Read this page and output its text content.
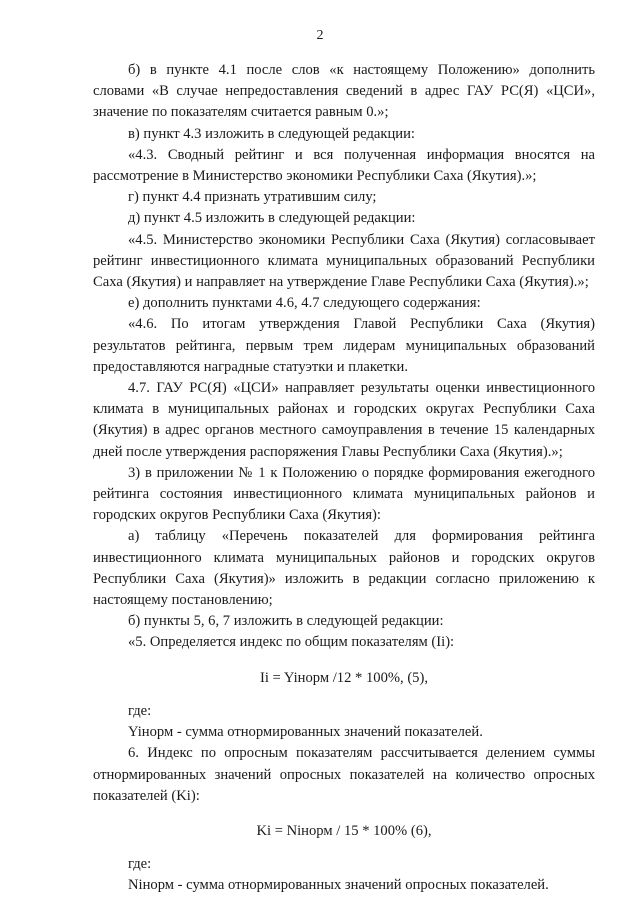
2

б) в пункте 4.1 после слов «к настоящему Положению» дополнить словами «В случае непредоставления сведений в адрес ГАУ РС(Я) «ЦСИ», значение по показателям считается равным 0.»;

в) пункт 4.3 изложить в следующей редакции:

«4.3. Сводный рейтинг и вся полученная информация вносятся на рассмотрение в Министерство экономики Республики Саха (Якутия).»;

г) пункт 4.4 признать утратившим силу;

д) пункт 4.5 изложить в следующей редакции:

«4.5. Министерство экономики Республики Саха (Якутия) согласовывает рейтинг инвестиционного климата муниципальных образований Республики Саха (Якутия) и направляет на утверждение Главе Республики Саха (Якутия).»;

е) дополнить пунктами 4.6, 4.7 следующего содержания:

«4.6. По итогам утверждения Главой Республики Саха (Якутия) результатов рейтинга, первым трем лидерам муниципальных образований предоставляются наградные статуэтки и плакетки.

4.7. ГАУ РС(Я) «ЦСИ» направляет результаты оценки инвестиционного климата в муниципальных районах и городских округах Республики Саха (Якутия) в адрес органов местного самоуправления в течение 15 календарных дней после утверждения распоряжения Главы Республики Саха (Якутия).»;

3) в приложении № 1 к Положению о порядке формирования ежегодного рейтинга состояния инвестиционного климата муниципальных районов и городских округов Республики Саха (Якутия):

а) таблицу «Перечень показателей для формирования рейтинга инвестиционного климата муниципальных районов и городских округов Республики Саха (Якутия)» изложить в редакции согласно приложению к настоящему постановлению;

б) пункты 5, 6, 7 изложить в следующей редакции:

«5. Определяется индекс по общим показателям (Ii):

Ii = Yiнорм /12 * 100%, (5),

где:

Yiнорм - сумма отнормированных значений показателей.

6. Индекс по опросным показателям рассчитывается делением суммы отнормированных значений опросных показателей на количество опросных показателей (Ki):

Ki = Niнорм / 15 * 100% (6),

где:

Niнорм - сумма отнормированных значений опросных показателей.
